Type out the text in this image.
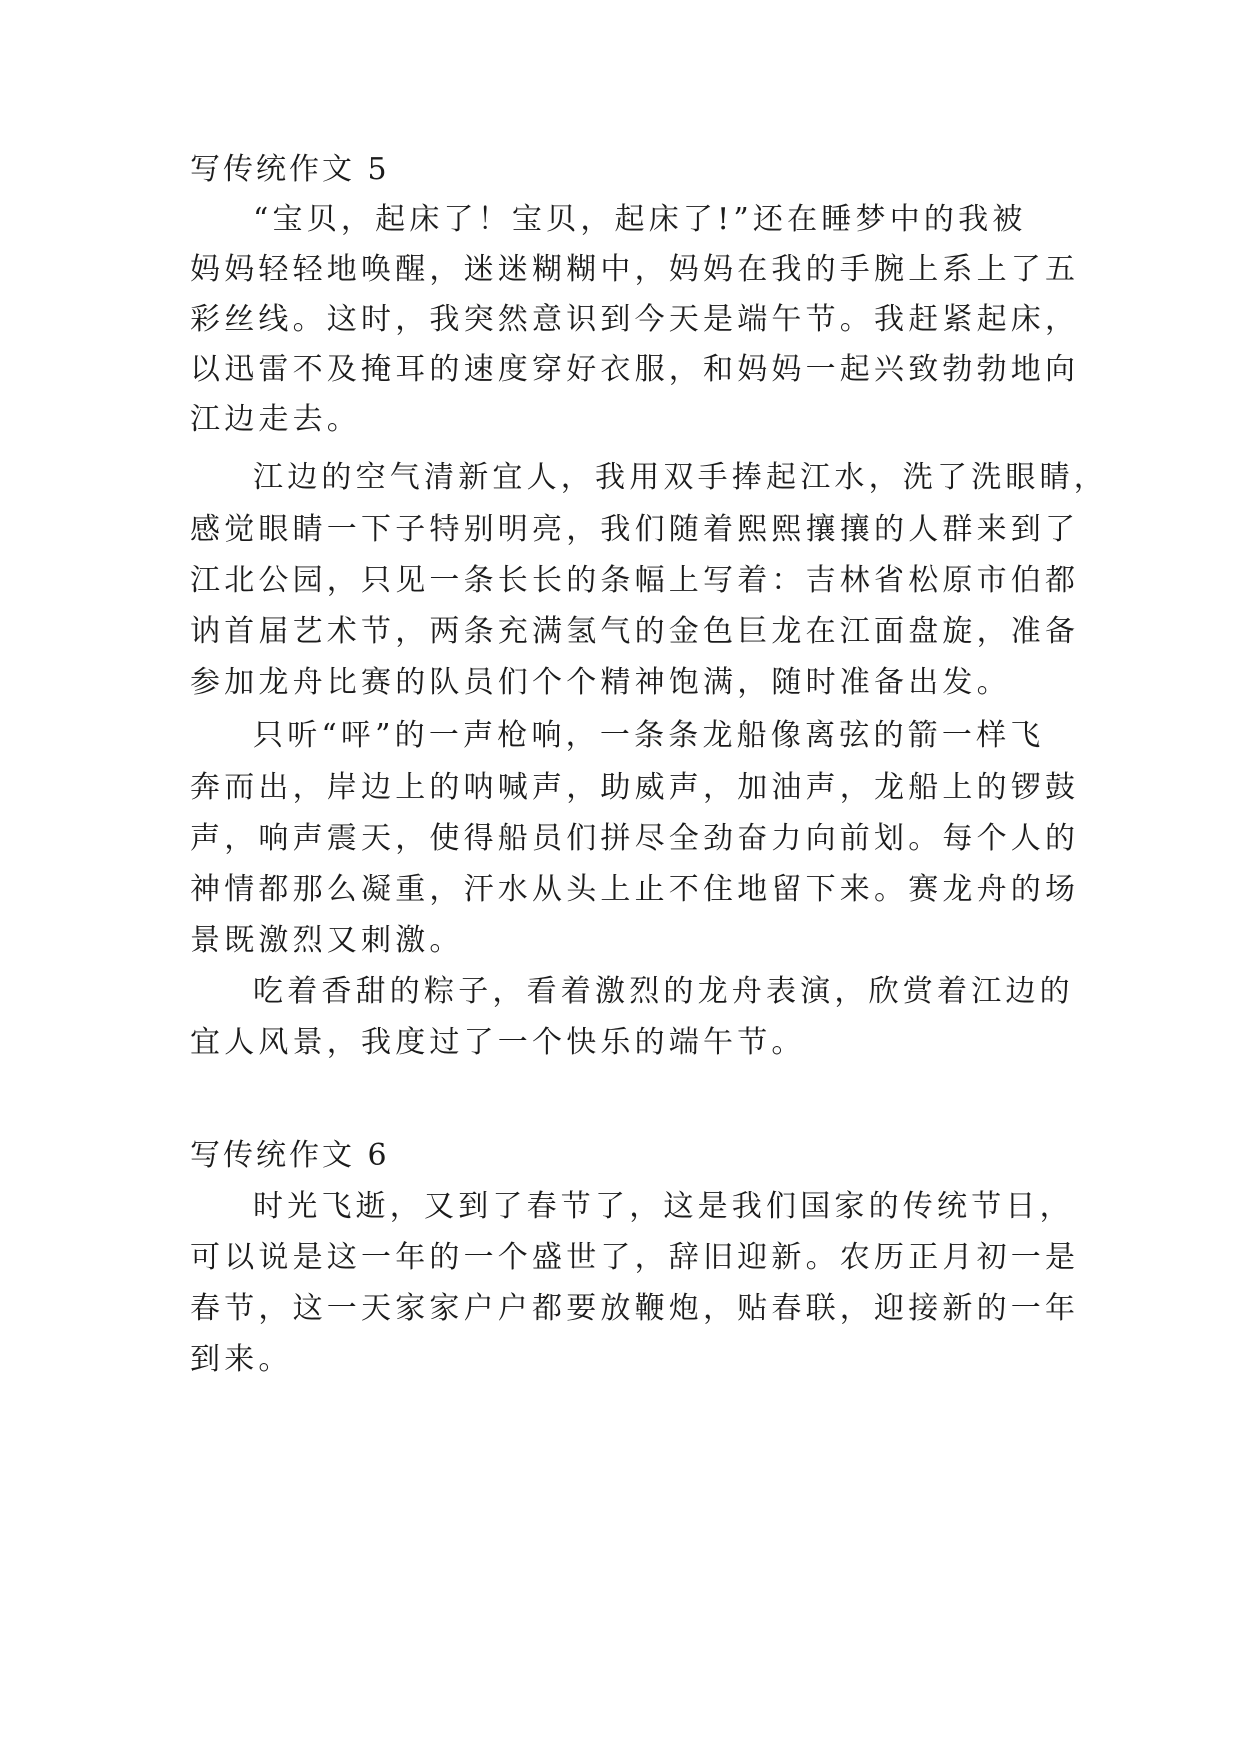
写传统作文 5
“宝贝，起床了！宝贝，起床了!”还在睡梦中的我被
妈妈轻轻地唤醒，迷迷糊糊中，妈妈在我的手腕上系上了五
彩丝线。这时，我突然意识到今天是端午节。我赶紧起床，
以迅雷不及掩耳的速度穿好衣服，和妈妈一起兴致勃勃地向
江边走去。
江边的空气清新宜人，我用双手捧起江水，洗了洗眼睛，
感觉眼睛一下子特别明亮，我们随着熙熙攘攘的人群来到了
江北公园，只见一条长长的条幅上写着：吉林省松原市伯都
讷首届艺术节，两条充满氢气的金色巨龙在江面盘旋，准备
参加龙舟比赛的队员们个个精神饱满，随时准备出发。
只听“呯”的一声枪响，一条条龙船像离弦的箭一样飞
奔而出，岸边上的呐喊声，助威声，加油声，龙船上的锣鼓
声，响声震天，使得船员们拼尽全劲奋力向前划。每个人的
神情都那么凝重，汗水从头上止不住地留下来。赛龙舟的场
景既激烈又刺激。
吃着香甜的粽子，看着激烈的龙舟表演，欣赏着江边的
宜人风景，我度过了一个快乐的端午节。
写传统作文 6
时光飞逝，又到了春节了，这是我们国家的传统节日，
可以说是这一年的一个盛世了，辞旧迎新。农历正月初一是
春节，这一天家家户户都要放鞭炮，贴春联，迎接新的一年
到来。
